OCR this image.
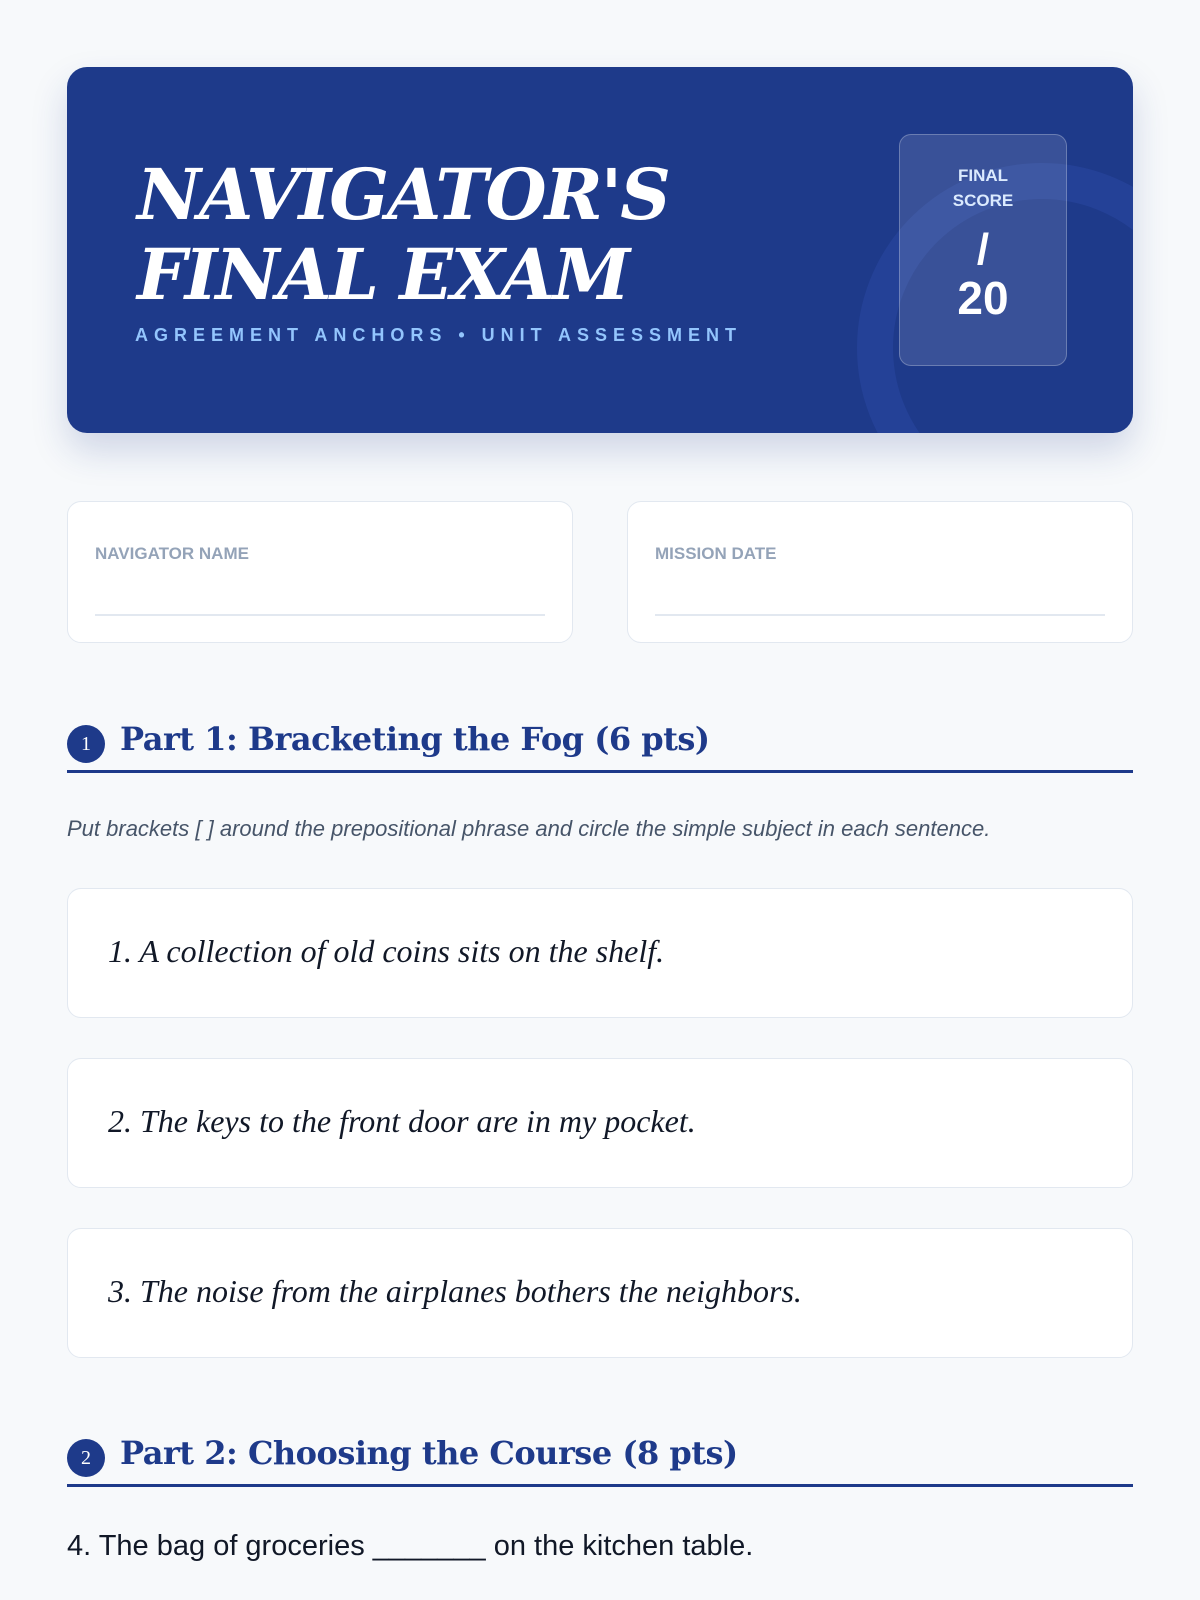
NAVIGATOR'S FINAL EXAM
AGREEMENT ANCHORS • UNIT ASSESSMENT
FINAL SCORE
/
20
NAVIGATOR NAME	MISSION DATE
1 Part 1: Bracketing the Fog (6 pts)

Put brackets [ ] around the prepositional phrase and circle the simple subject in each sentence.

1. A collection of old coins sits on the shelf.
2. The keys to the front door are in my pocket.
3. The noise from the airplanes bothers the neighbors.
2 Part 2: Choosing the Course (8 pts)
4. The bag of groceries _______ on the kitchen table.
